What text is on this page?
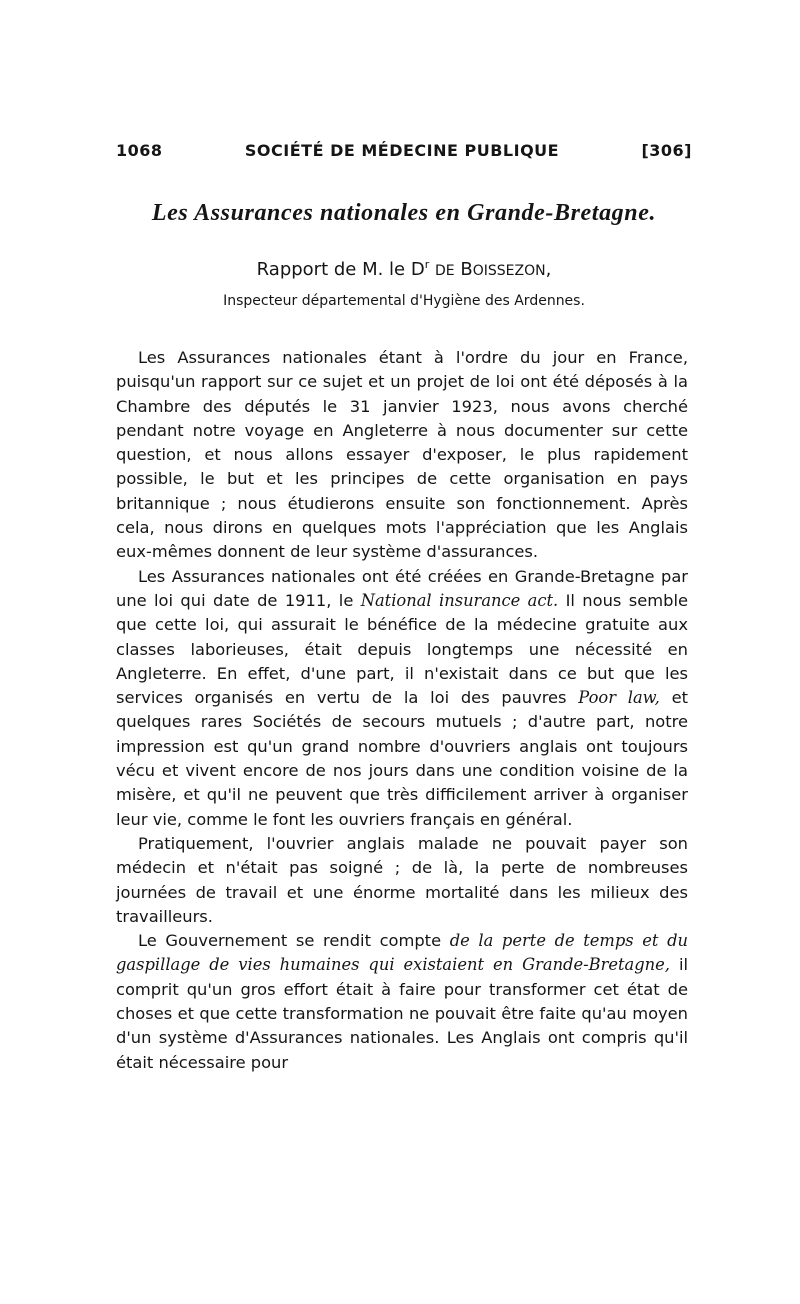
1068	SOCIÉTÉ DE MÉDECINE PUBLIQUE	[306]
Les Assurances nationales en Grande-Bretagne.
Rapport de M. le $D^r$ DE BOISSEZON,
Inspecteur départemental d'Hygiène des Ardennes.

Les Assurances nationales étant à l'ordre du jour en France, puisqu'un rapport sur ce sujet et un projet de loi ont été déposés à la Chambre des députés le 31 janvier 1923, nous avons cherché pendant notre voyage en Angleterre à nous documenter sur cette question, et nous allons essayer d'exposer, le plus rapidement possible, le but et les principes de cette organisation en pays britannique ; nous étudierons ensuite son fonctionnement. Après cela, nous dirons en quelques mots l'appréciation que les Anglais eux-mêmes donnent de leur système d'assurances.

Les Assurances nationales ont été créées en Grande-Bretagne par une loi qui date de 1911, le National insurance act. Il nous semble que cette loi, qui assurait le bénéfice de la médecine gratuite aux classes laborieuses, était depuis longtemps une nécessité en Angleterre. En effet, d'une part, il n'existait dans ce but que les services organisés en vertu de la loi des pauvres Poor law, et quelques rares Sociétés de secours mutuels ; d'autre part, notre impression est qu'un grand nombre d'ouvriers anglais ont toujours vécu et vivent encore de nos jours dans une condition voisine de la misère, et qu'il ne peuvent que très difficilement arriver à organiser leur vie, comme le font les ouvriers français en général.

Pratiquement, l'ouvrier anglais malade ne pouvait payer son médecin et n'était pas soigné ; de là, la perte de nombreuses journées de travail et une énorme mortalité dans les milieux des travailleurs.

Le Gouvernement se rendit compte de la perte de temps et du gaspillage de vies humaines qui existaient en Grande-Bretagne, il comprit qu'un gros effort était à faire pour transformer cet état de choses et que cette transformation ne pouvait être faite qu'au moyen d'un système d'Assurances nationales. Les Anglais ont compris qu'il était nécessaire pour
